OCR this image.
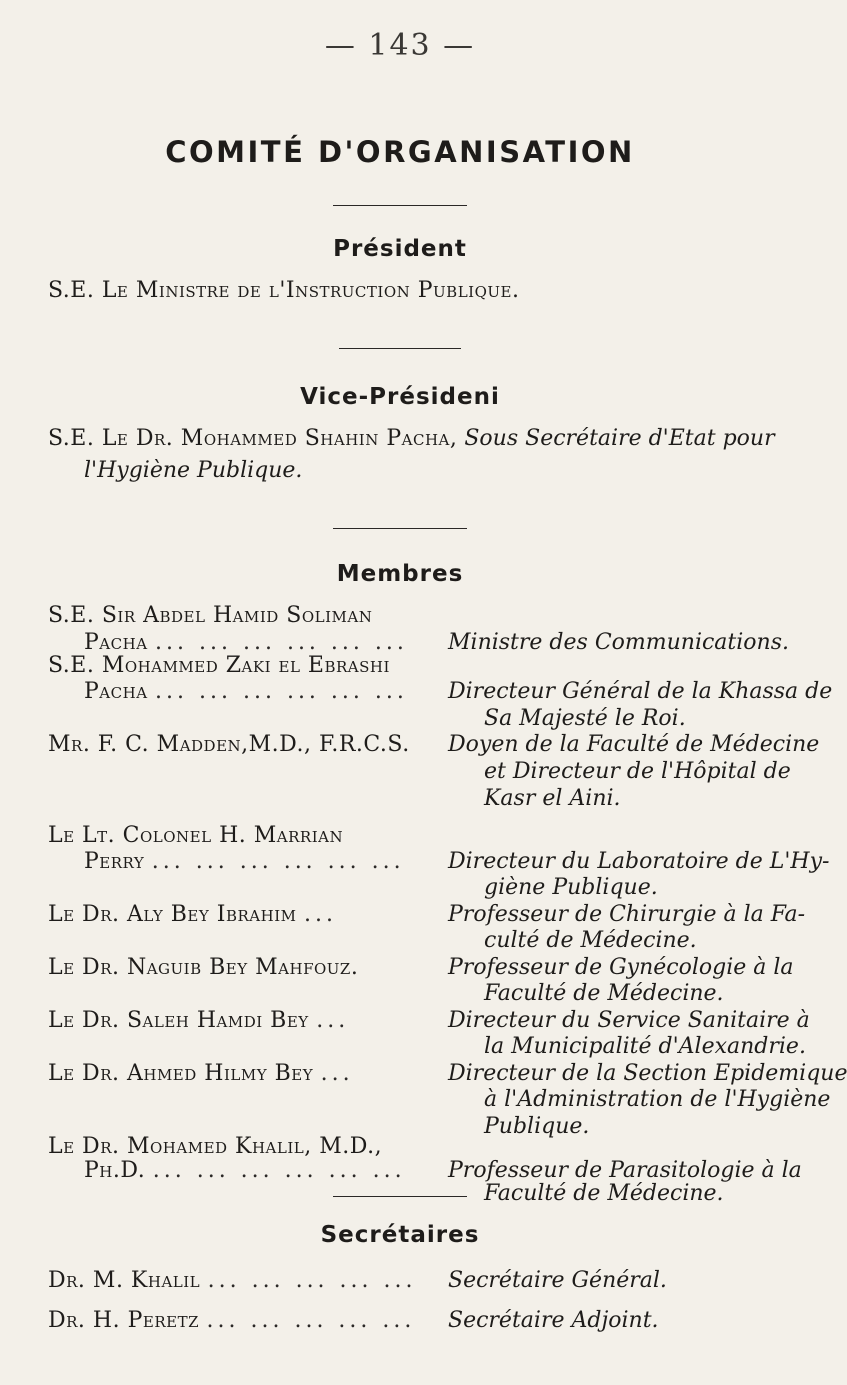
— 143 —
COMITÉ D'ORGANISATION
Président
S.E. Le Ministre de l'Instruction Publique.
Vice-Présideni
S.E. Le Dr. Mohammed Shahin Pacha, Sous Secrétaire d'Etat pour
l'Hygiène Publique.
Membres
S.E. Sir Abdel Hamid Soliman
Pacha ... ... ... ... ... ... Ministre des Communications.
S.E. Mohammed Zaki el Ebrashi
Pacha ... ... ... ... ... ... Directeur Général de la Khassa de
Sa Majesté le Roi.
Mr. F. C. Madden,M.D., F.R.C.S. Doyen de la Faculté de Médecine
et Directeur de l'Hôpital de
Kasr el Aini.
Le Lt. Colonel H. Marrian
Perry ... ... ... ... ... ... Directeur du Laboratoire de L'Hy-
giène Publique.
Le Dr. Aly Bey Ibrahim ...	Professeur de Chirurgie à la Fa-
culté de Médecine.
Le Dr. Naguib Bey Mahfouz.	Professeur de Gynécologie à la
Faculté de Médecine.
Le Dr. Saleh Hamdi Bey ...	Directeur du Service Sanitaire à
la Municipalité d'Alexandrie.
Le Dr. Ahmed Hilmy Bey ...	Directeur de la Section Epidemique
à l'Administration de l'Hygiène
Publique.
Le Dr. Mohamed Khalil, M.D.,
Ph.D. ... ... ... ... ... ... Professeur de Parasitologie à la
Faculté de Médecine.
Secrétaires
Dr. M. Khalil ... ... ... ... ... Secrétaire Général.
Dr. H. Peretz ... ... ... ... ... Secrétaire Adjoint.
